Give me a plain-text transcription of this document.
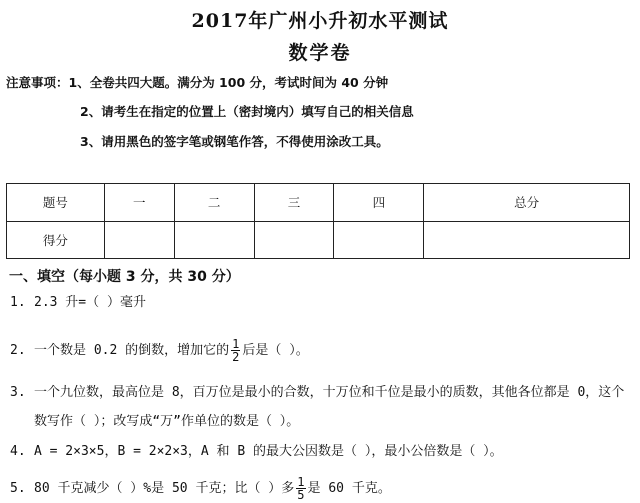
2017年广州小升初水平测试
数学卷
注意事项：1、全卷共四大题。满分为 100 分，考试时间为 40 分钟
2、请考生在指定的位置上（密封境内）填写自己的相关信息
3、请用黑色的签字笔或钢笔作答，不得使用涂改工具。
题号	一	二	三	四	总分
得分					
一、填空（每小题 3 分，共 30 分）
1. 2.3 升=（ ）毫升
2. 一个数是 0.2 的倒数，增加它的 $\frac{1}{2}$ 后是（ ）。
3. 一个九位数，最高位是 8，百万位是最小的合数，十万位和千位是最小的质数，其他各位都是 0，这个
数写作（ ）；改写成“万”作单位的数是（ ）。
4. A = 2×3×5，B = 2×2×3，A 和 B 的最大公因数是（ ），最小公倍数是（ ）。
5. 80 千克减少（ ）%是 50 千克；比（ ）多 $\frac{1}{5}$ 是 60 千克。
